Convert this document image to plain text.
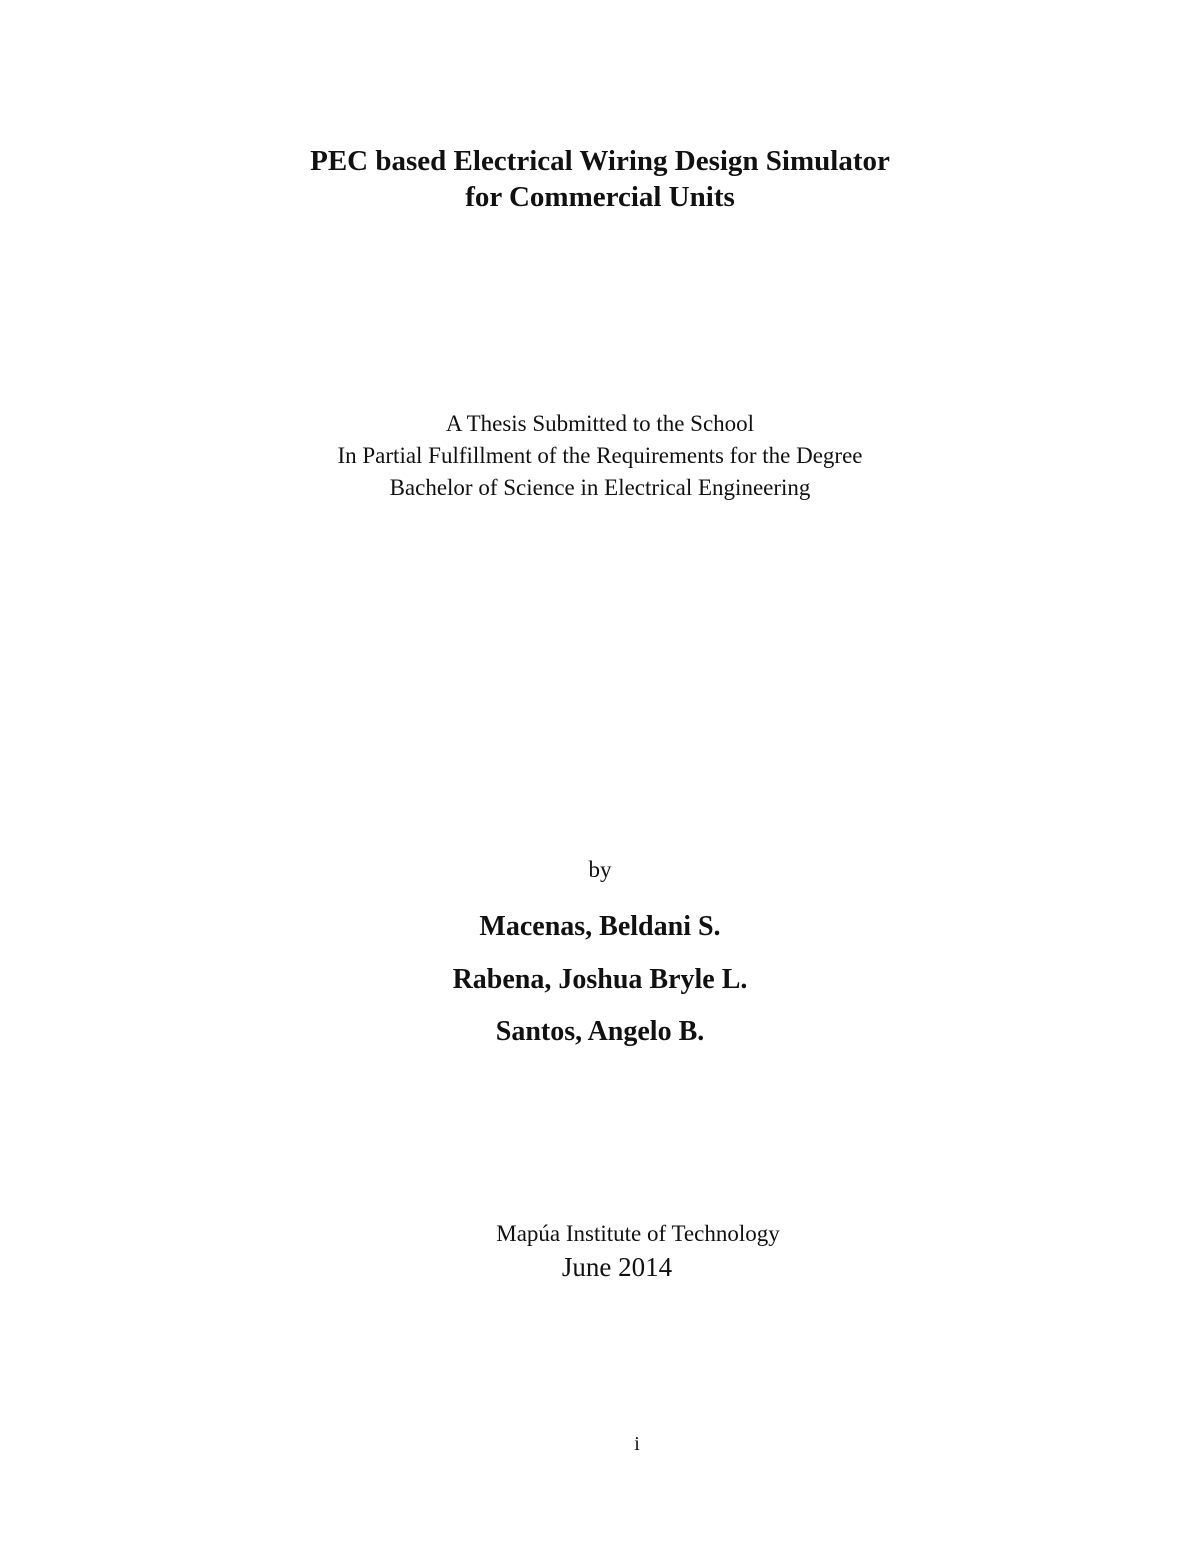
PEC based Electrical Wiring Design Simulator
for Commercial Units
A Thesis Submitted to the School
In Partial Fulfillment of the Requirements for the Degree
Bachelor of Science in Electrical Engineering
by
Macenas, Beldani S.
Rabena, Joshua Bryle L.
Santos, Angelo B.
Mapúa Institute of Technology
June 2014
i
